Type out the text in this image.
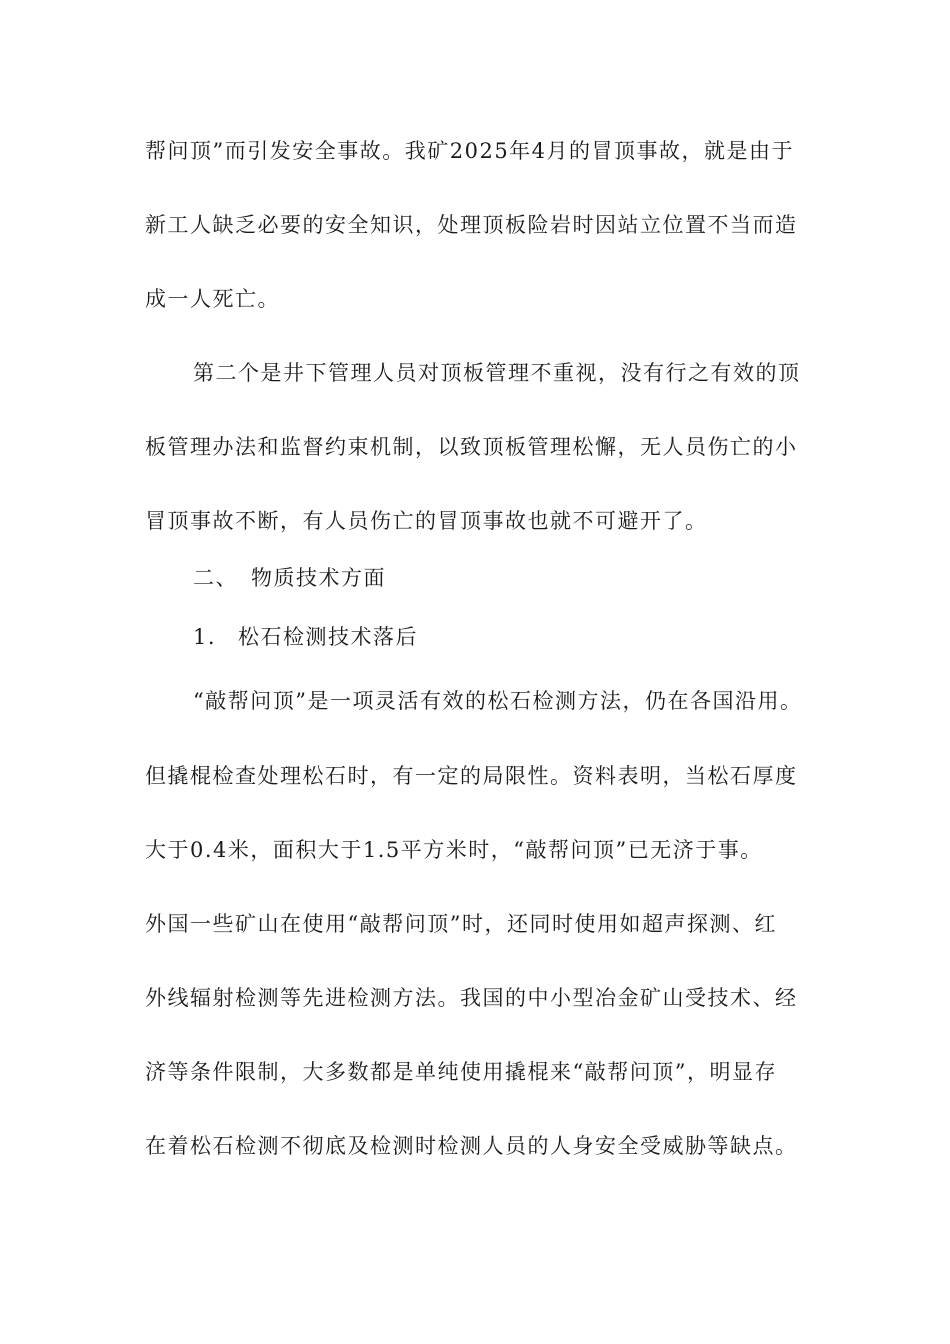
帮问顶”而引发安全事故。我矿2025年4月的冒顶事故，就是由于

新工人缺乏必要的安全知识，处理顶板险岩时因站立位置不当而造

成一人死亡。

第二个是井下管理人员对顶板管理不重视，没有行之有效的顶

板管理办法和监督约束机制，以致顶板管理松懈，无人员伤亡的小

冒顶事故不断，有人员伤亡的冒顶事故也就不可避开了。

二、 物质技术方面

1. 松石检测技术落后

“敲帮问顶”是一项灵活有效的松石检测方法，仍在各国沿用。

但撬棍检查处理松石时，有一定的局限性。资料表明，当松石厚度

大于0.4米，面积大于1.5平方米时，“敲帮问顶”已无济于事。

外国一些矿山在使用“敲帮问顶”时，还同时使用如超声探测、红

外线辐射检测等先进检测方法。我国的中小型冶金矿山受技术、经

济等条件限制，大多数都是单纯使用撬棍来“敲帮问顶”，明显存

在着松石检测不彻底及检测时检测人员的人身安全受威胁等缺点。
